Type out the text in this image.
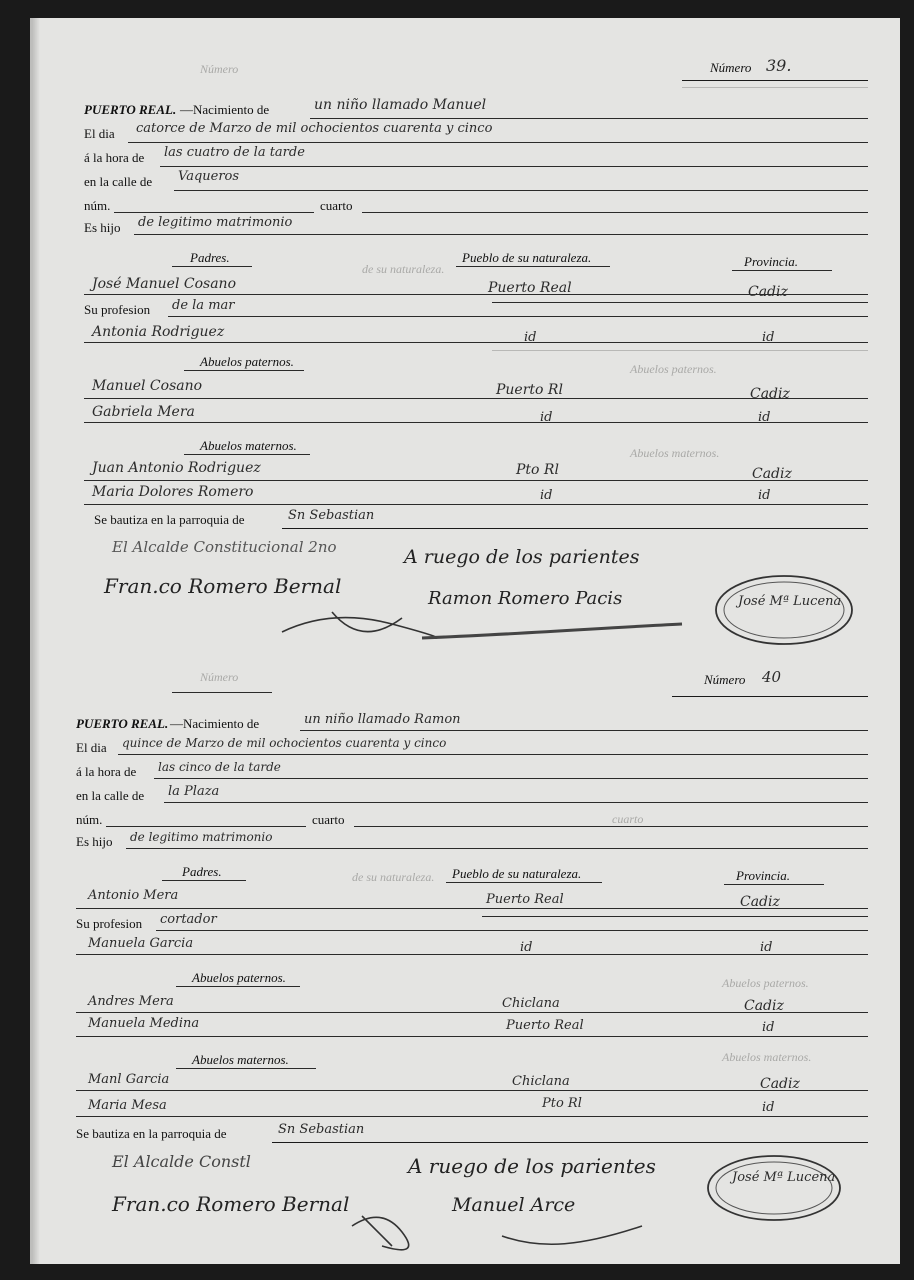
Número	Número 39.
PUERTO REAL. —Nacimiento de	un niño llamado Manuel
El dia catorce de Marzo de mil ochocientos cuarenta y cinco
á la hora de las cuatro de la tarde
en la calle de Vaqueros
núm.	cuarto
Es hijo de legitimo matrimonio
Padres.
de su naturaleza.
Pueblo de su naturaleza.	Provincia.
José Manuel Cosano	Puerto Real	Cadiz
Su profesion de la mar
Antonia Rodriguez	id	id
Abuelos paternos.	Abuelos paternos.
Manuel Cosano	Puerto Rl	Cadiz
Gabriela Mera	id	id
Abuelos maternos.	Abuelos maternos.
Juan Antonio Rodriguez	Pto Rl	Cadiz
Maria Dolores Romero	id	id
Se bautiza en la parroquia de	Sn Sebastian
El Alcalde Constitucional 2no
Fran.co Romero Bernal
A ruego de los parientes
Ramon Romero Pacis	José Mª Lucena
Número	Número 40
PUERTO REAL. —Nacimiento de	un niño llamado Ramon
El dia quince de Marzo de mil ochocientos cuarenta y cinco
á la hora de las cinco de la tarde
en la calle de la Plaza
núm.	cuarto	cuarto
Es hijo de legitimo matrimonio
Padres.	de su naturaleza. Pueblo de su naturaleza.	Provincia.
Antonio Mera	Puerto Real	Cadiz
Su profesion cortador
Manuela Garcia	id	id
Abuelos paternos.	Abuelos paternos.
Andres Mera	Chiclana	Cadiz
Manuela Medina	Puerto Real	id
Abuelos maternos.	Abuelos maternos.
Manl Garcia	Chiclana	Cadiz
Maria Mesa	Pto Rl	id
Se bautiza en la parroquia de	Sn Sebastian
El Alcalde Constl
Fran.co Romero Bernal
A ruego de los parientes
Manuel Arce
José Mª Lucena
